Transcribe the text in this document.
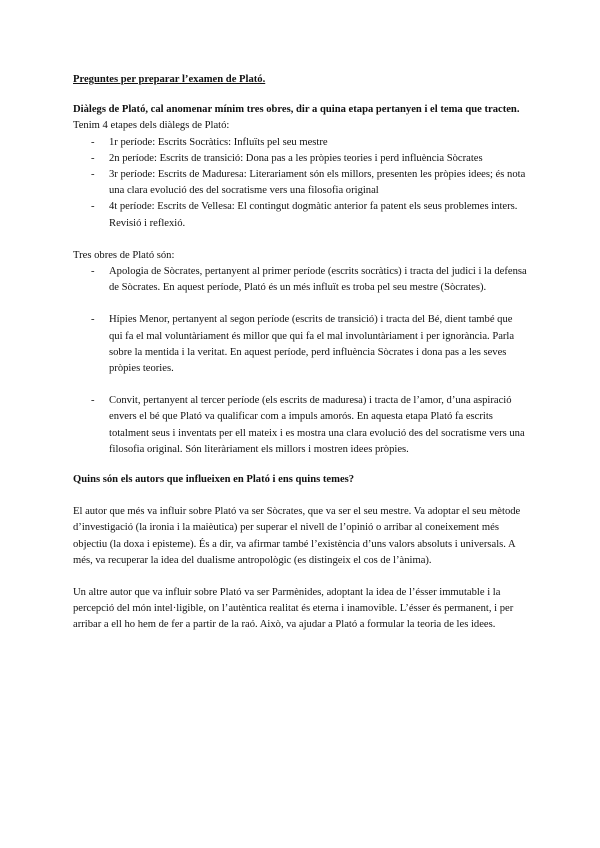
Preguntes per preparar l’examen de Plató.

Diàlegs de Plató, cal anomenar mínim tres obres, dir a quina etapa pertanyen i el tema que tracten.

Tenim 4 etapes dels diàlegs de Plató:

- 1r període: Escrits Socràtics: Influïts pel seu mestre
- 2n període: Escrits de transició: Dona pas a les pròpies teories i perd influència Sòcrates
- 3r període: Escrits de Maduresa: Literariament són els millors, presenten les pròpies idees; és nota una clara evolució des del socratisme vers una filosofia original
- 4t període: Escrits de Vellesa: El contingut dogmàtic anterior fa patent els seus problemes inters. Revisió i reflexió.

Tres obres de Plató són:

- Apologia de Sòcrates, pertanyent al primer període (escrits socràtics) i tracta del judici i la defensa de Sòcrates. En aquest període, Plató és un més influït es troba pel seu mestre (Sòcrates).
- Hípies Menor, pertanyent al segon període (escrits de transició) i tracta del Bé, dient també que qui fa el mal voluntàriament és millor que qui fa el mal involuntàriament i per ignorància. Parla sobre la mentida i la veritat. En aquest període, perd influència Sòcrates i dona pas a les seves pròpies teories.
- Convit, pertanyent al tercer període (els escrits de maduresa) i tracta de l’amor, d’una aspiració envers el bé que Plató va qualificar com a impuls amorós. En aquesta etapa Plató fa escrits totalment seus i inventats per ell mateix i es mostra una clara evolució des del socratisme vers una filosofia original. Són literàriament els millors i mostren idees pròpies.

Quins són els autors que influeixen en Plató i ens quins temes?

El autor que més va influir sobre Plató va ser Sòcrates, que va ser el seu mestre. Va adoptar el seu mètode d’investigació (la ironia i la maièutica) per superar el nivell de l’opinió o arribar al coneixement més objectiu (la doxa i episteme). És a dir, va afirmar també l’existència d’uns valors absoluts i universals. A més, va recuperar la idea del dualisme antropològic (es distingeix el cos de l’ànima).

Un altre autor que va influir sobre Plató va ser Parmènides, adoptant la idea de l’ésser immutable i la percepció del món intel·ligible, on l’autèntica realitat és eterna i inamovible. L’ésser és permanent, i per arribar a ell ho hem de fer a partir de la raó. Això, va ajudar a Plató a formular la teoria de les idees.
